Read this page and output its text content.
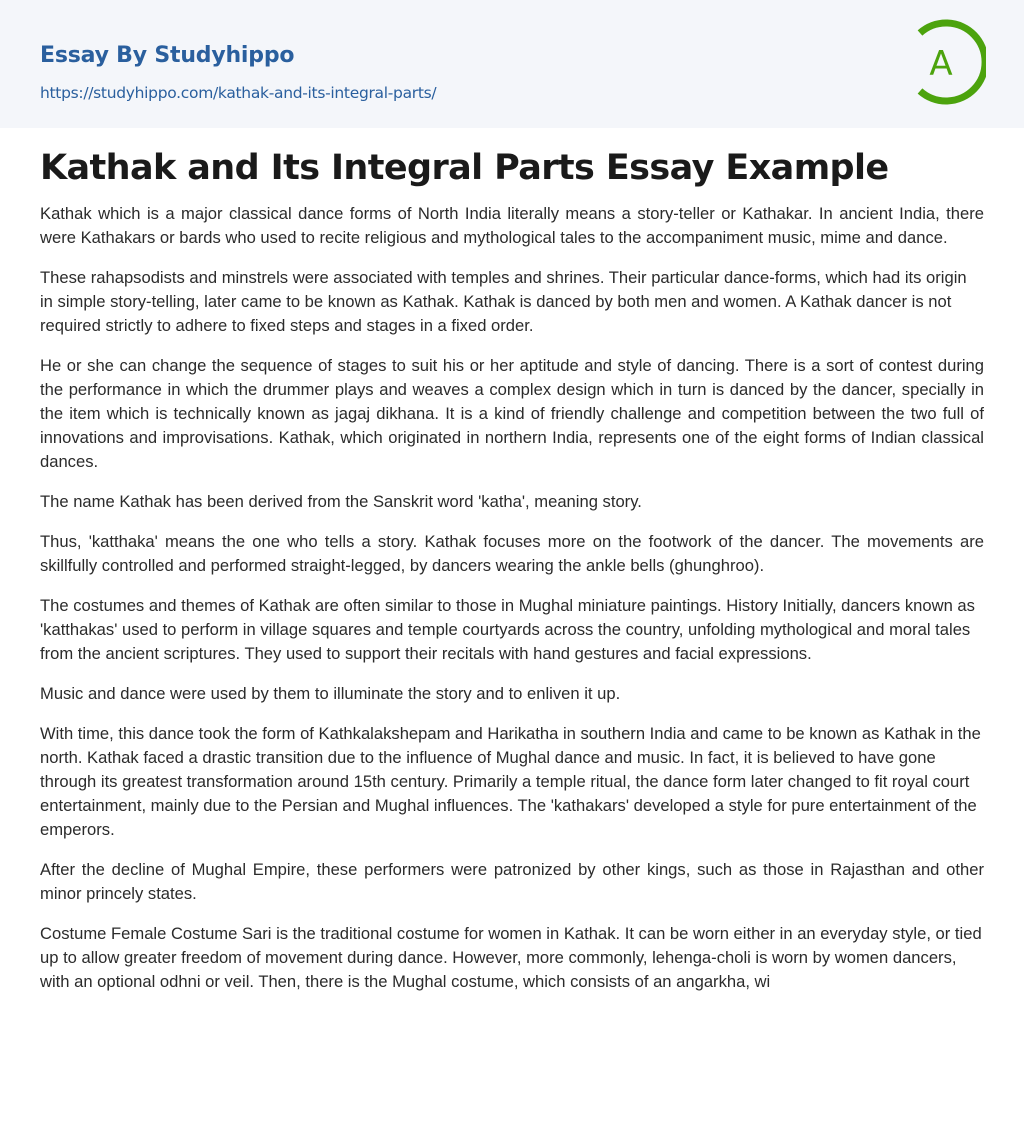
Essay By Studyhippo
https://studyhippo.com/kathak-and-its-integral-parts/
A
Kathak and Its Integral Parts Essay Example

Kathak which is a major classical dance forms of North India literally means a story-teller or Kathakar. In ancient India, there were Kathakars or bards who used to recite religious and mythological tales to the accompaniment music, mime and dance.

These rahapsodists and minstrels were associated with temples and shrines. Their particular dance-forms, which had its origin in simple story-telling, later came to be known as Kathak. Kathak is danced by both men and women. A Kathak dancer is not required strictly to adhere to fixed steps and stages in a fixed order.

He or she can change the sequence of stages to suit his or her aptitude and style of dancing. There is a sort of contest during the performance in which the drummer plays and weaves a complex design which in turn is danced by the dancer, specially in the item which is technically known as jagaj dikhana. It is a kind of friendly challenge and competition between the two full of innovations and improvisations. Kathak, which originated in northern India, represents one of the eight forms of Indian classical dances.

The name Kathak has been derived from the Sanskrit word 'katha', meaning story.

Thus, 'katthaka' means the one who tells a story. Kathak focuses more on the footwork of the dancer. The movements are skillfully controlled and performed straight-legged, by dancers wearing the ankle bells (ghunghroo).

The costumes and themes of Kathak are often similar to those in Mughal miniature paintings. History Initially, dancers known as 'katthakas' used to perform in village squares and temple courtyards across the country, unfolding mythological and moral tales from the ancient scriptures. They used to support their recitals with hand gestures and facial expressions.

Music and dance were used by them to illuminate the story and to enliven it up.

With time, this dance took the form of Kathkalakshepam and Harikatha in southern India and came to be known as Kathak in the north. Kathak faced a drastic transition due to the influence of Mughal dance and music. In fact, it is believed to have gone through its greatest transformation around 15th century. Primarily a temple ritual, the dance form later changed to fit royal court entertainment, mainly due to the Persian and Mughal influences. The 'kathakars' developed a style for pure entertainment of the emperors.

After the decline of Mughal Empire, these performers were patronized by other kings, such as those in Rajasthan and other minor princely states.

Costume Female Costume Sari is the traditional costume for women in Kathak. It can be worn either in an everyday style, or tied up to allow greater freedom of movement during dance. However, more commonly, lehenga-choli is worn by women dancers, with an optional odhni or veil. Then, there is the Mughal costume, which consists of an angarkha, wi
